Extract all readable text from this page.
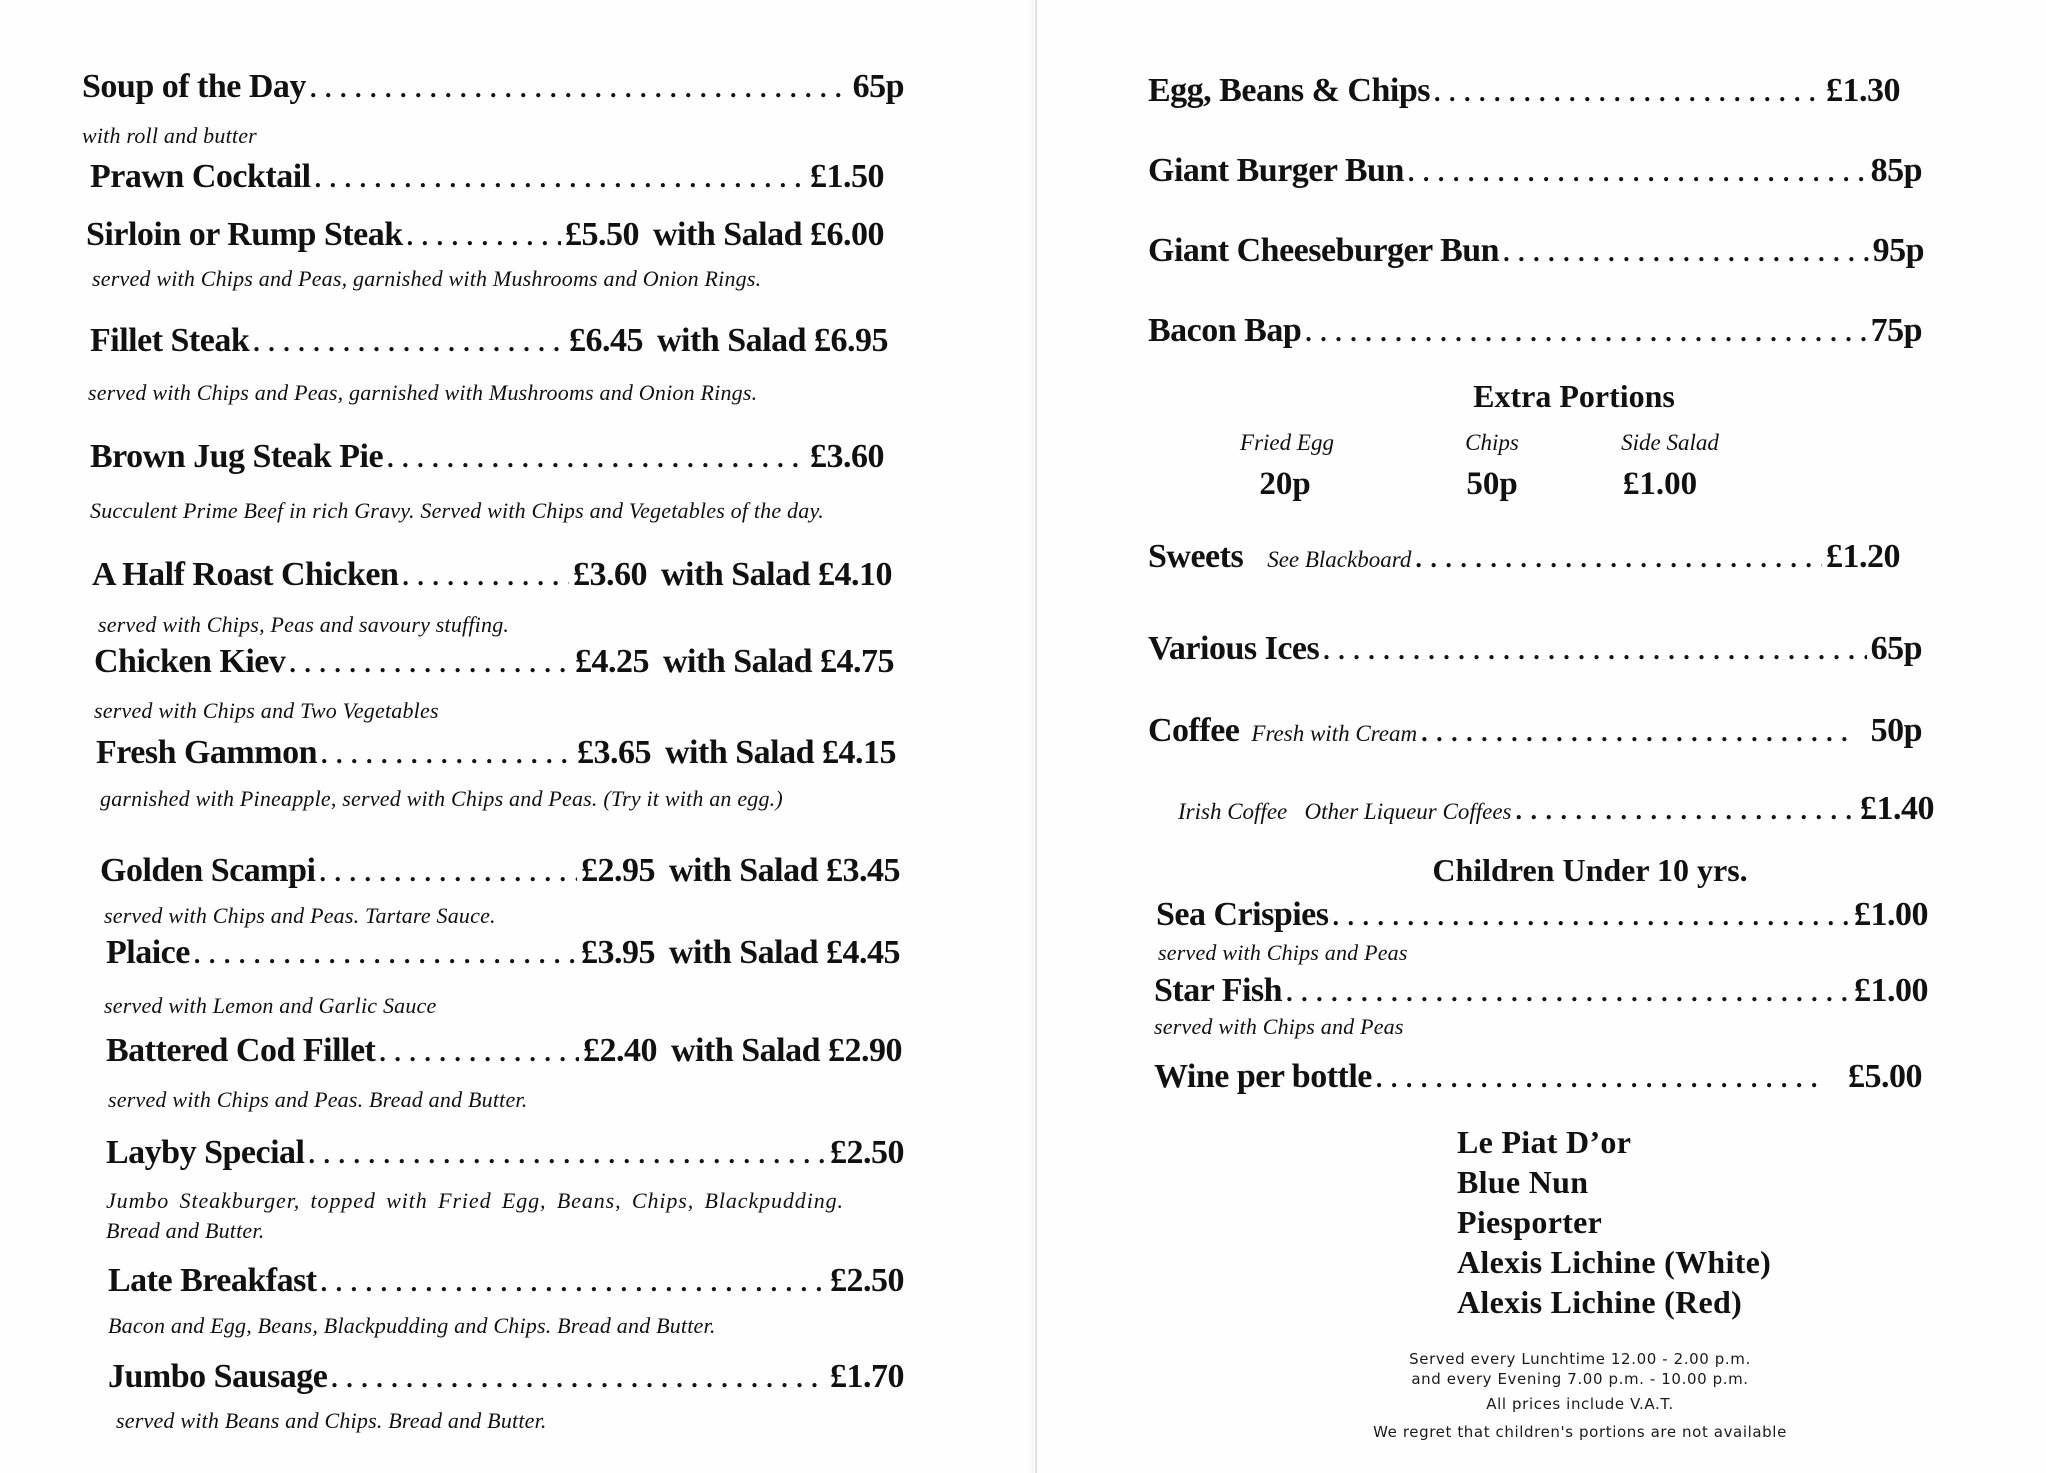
Soup of the Day . . .	65p
with roll and butter
Prawn Cocktail . . .	£1.50
Sirloin or Rump Steak . . .	£5.50 with Salad £6.00
served with Chips and Peas, garnished with Mushrooms and Onion Rings.
Fillet Steak . . .	£6.45 with Salad £6.95
served with Chips and Peas, garnished with Mushrooms and Onion Rings.
Brown Jug Steak Pie . . .	£3.60
Succulent Prime Beef in rich Gravy. Served with Chips and Vegetables of the day.
A Half Roast Chicken . . .	£3.60 with Salad £4.10
served with Chips, Peas and savoury stuffing.
Chicken Kiev . . .	£4.25 with Salad £4.75
served with Chips and Two Vegetables
Fresh Gammon . . .	£3.65 with Salad £4.15
garnished with Pineapple, served with Chips and Peas. (Try it with an egg.)
Golden Scampi . . .	£2.95 with Salad £3.45
served with Chips and Peas. Tartare Sauce.
Plaice . . .	£3.95 with Salad £4.45
served with Lemon and Garlic Sauce
Battered Cod Fillet . . .	£2.40 with Salad £2.90
served with Chips and Peas. Bread and Butter.
Layby Special . . .	£2.50
Jumbo Steakburger, topped with Fried Egg, Beans, Chips, Blackpudding.
Bread and Butter.
Late Breakfast . . .	£2.50
Bacon and Egg, Beans, Blackpudding and Chips. Bread and Butter.
Jumbo Sausage . . .	£1.70
served with Beans and Chips. Bread and Butter.
Egg, Beans & Chips . . .	£1.30
Giant Burger Bun . . .	85p
Giant Cheeseburger Bun . . .	95p
Bacon Bap . . .	75p
Extra Portions
Fried Egg	Chips	Side Salad
20p	50p	£1.00
Sweets See Blackboard . . .	£1.20
Various Ices . . .	65p
Coffee Fresh with Cream . . .	50p
Irish Coffee   Other Liqueur Coffees . . .	£1.40
Children Under 10 yrs.
Sea Crispies . . .	£1.00
served with Chips and Peas
Star Fish . . .	£1.00
served with Chips and Peas
Wine per bottle . . .	£5.00
Le Piat D’or
Blue Nun
Piesporter
Alexis Lichine (White)
Alexis Lichine (Red)
Served every Lunchtime 12.00 - 2.00 p.m.
and every Evening 7.00 p.m. - 10.00 p.m.
All prices include V.A.T.
We regret that children's portions are not available
